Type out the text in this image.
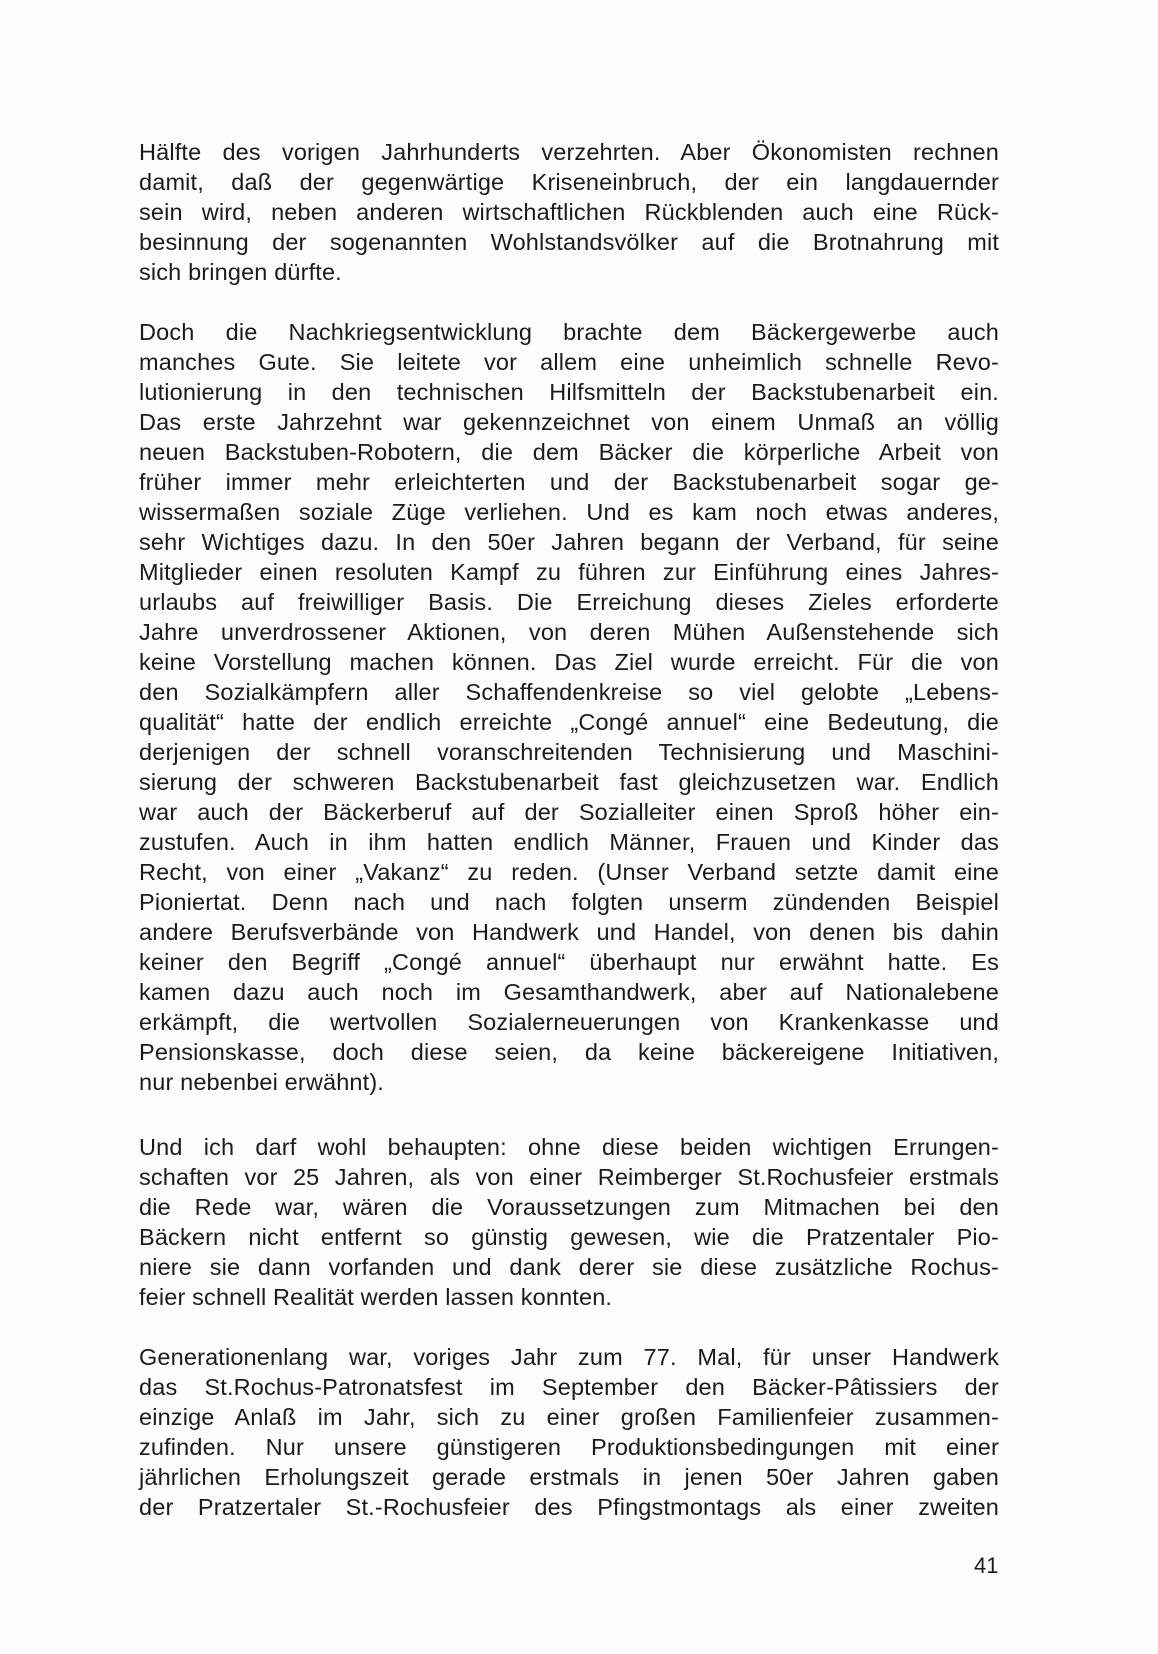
Hälfte des vorigen Jahrhunderts verzehrten. Aber Ökonomisten rechnen
damit, daß der gegenwärtige Kriseneinbruch, der ein langdauernder
sein wird, neben anderen wirtschaftlichen Rückblenden auch eine Rück-
besinnung der sogenannten Wohlstandsvölker auf die Brotnahrung mit
sich bringen dürfte.
Doch die Nachkriegsentwicklung brachte dem Bäckergewerbe auch
manches Gute. Sie leitete vor allem eine unheimlich schnelle Revo-
lutionierung in den technischen Hilfsmitteln der Backstubenarbeit ein.
Das erste Jahrzehnt war gekennzeichnet von einem Unmaß an völlig
neuen Backstuben-Robotern, die dem Bäcker die körperliche Arbeit von
früher immer mehr erleichterten und der Backstubenarbeit sogar ge-
wissermaßen soziale Züge verliehen. Und es kam noch etwas anderes,
sehr Wichtiges dazu. In den 50er Jahren begann der Verband, für seine
Mitglieder einen resoluten Kampf zu führen zur Einführung eines Jahres-
urlaubs auf freiwilliger Basis. Die Erreichung dieses Zieles erforderte
Jahre unverdrossener Aktionen, von deren Mühen Außenstehende sich
keine Vorstellung machen können. Das Ziel wurde erreicht. Für die von
den Sozialkämpfern aller Schaffendenkreise so viel gelobte „Lebens-
qualität“ hatte der endlich erreichte „Congé annuel“ eine Bedeutung, die
derjenigen der schnell voranschreitenden Technisierung und Maschini-
sierung der schweren Backstubenarbeit fast gleichzusetzen war. Endlich
war auch der Bäckerberuf auf der Sozialleiter einen Sproß höher ein-
zustufen. Auch in ihm hatten endlich Männer, Frauen und Kinder das
Recht, von einer „Vakanz“ zu reden. (Unser Verband setzte damit eine
Pioniertat. Denn nach und nach folgten unserm zündenden Beispiel
andere Berufsverbände von Handwerk und Handel, von denen bis dahin
keiner den Begriff „Congé annuel“ überhaupt nur erwähnt hatte. Es
kamen dazu auch noch im Gesamthandwerk, aber auf Nationalebene
erkämpft, die wertvollen Sozialerneuerungen von Krankenkasse und
Pensionskasse, doch diese seien, da keine bäckereigene Initiativen,
nur nebenbei erwähnt).
Und ich darf wohl behaupten: ohne diese beiden wichtigen Errungen-
schaften vor 25 Jahren, als von einer Reimberger St.Rochusfeier erstmals
die Rede war, wären die Voraussetzungen zum Mitmachen bei den
Bäckern nicht entfernt so günstig gewesen, wie die Pratzentaler Pio-
niere sie dann vorfanden und dank derer sie diese zusätzliche Rochus-
feier schnell Realität werden lassen konnten.
Generationenlang war, voriges Jahr zum 77. Mal, für unser Handwerk
das St.Rochus-Patronatsfest im September den Bäcker-Pâtissiers der
einzige Anlaß im Jahr, sich zu einer großen Familienfeier zusammen-
zufinden. Nur unsere günstigeren Produktionsbedingungen mit einer
jährlichen Erholungszeit gerade erstmals in jenen 50er Jahren gaben
der Pratzertaler St.-Rochusfeier des Pfingstmontags als einer zweiten
41
